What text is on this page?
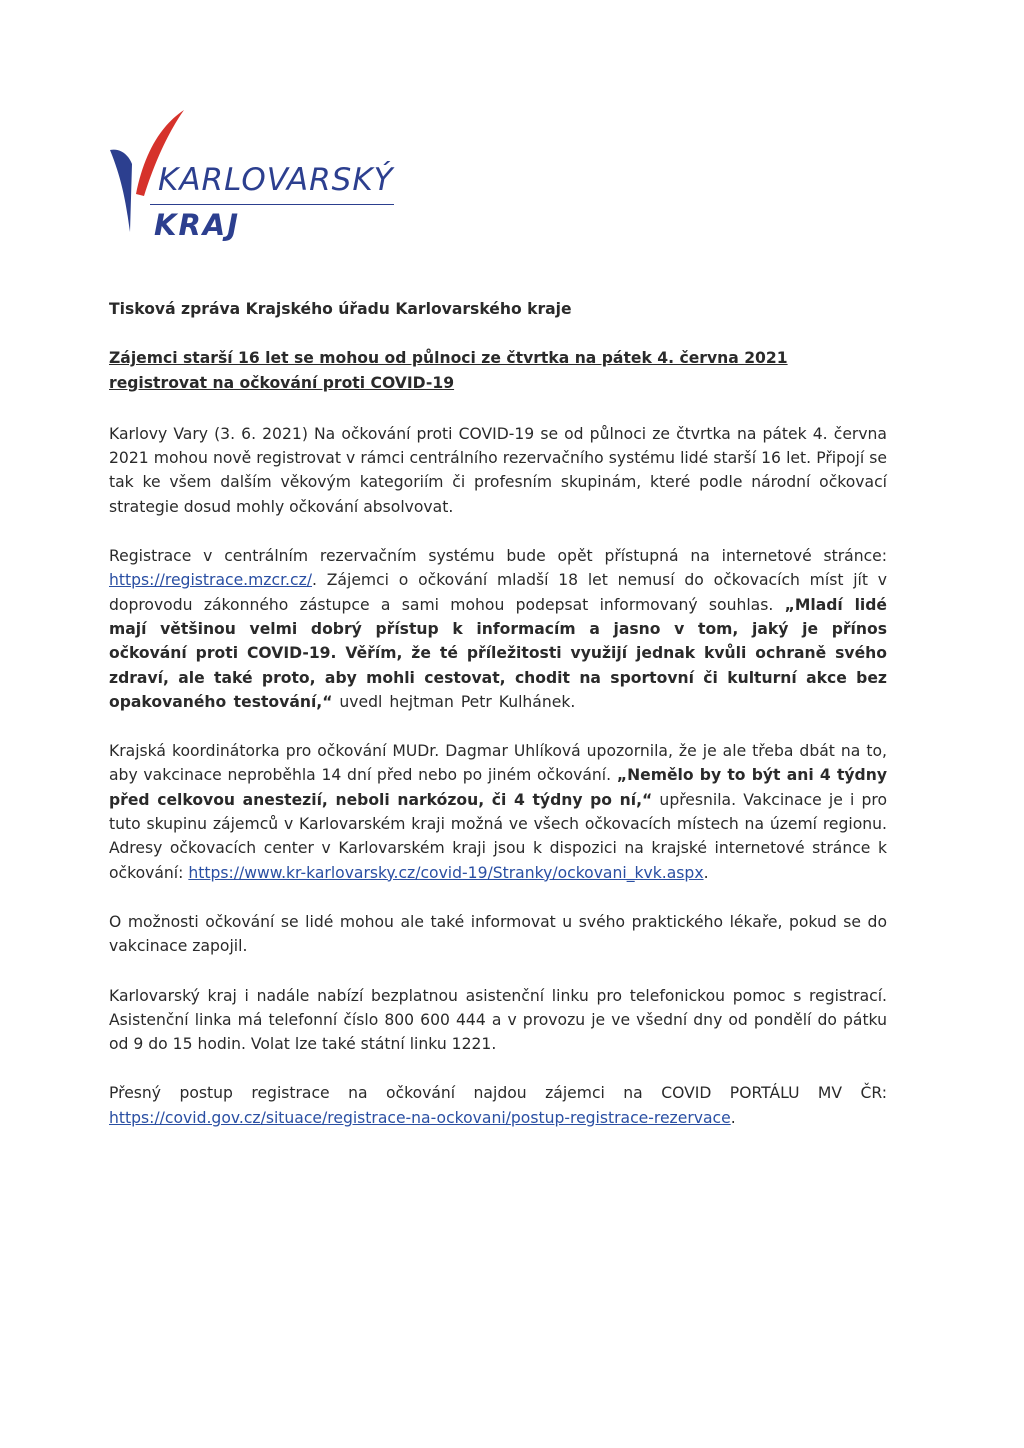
KARLOVARSKÝ
KRAJ
Tisková zpráva Krajského úřadu Karlovarského kraje
Zájemci starší 16 let se mohou od půlnoci ze čtvrtka na pátek 4. června 2021 registrovat na očkování proti COVID-19

Karlovy Vary (3. 6. 2021) Na očkování proti COVID-19 se od půlnoci ze čtvrtka na pátek 4. června 2021 mohou nově registrovat v rámci centrálního rezervačního systému lidé starší 16 let. Připojí se tak ke všem dalším věkovým kategoriím či profesním skupinám, které podle národní očkovací strategie dosud mohly očkování absolvovat.

Registrace v centrálním rezervačním systému bude opět přístupná na internetové stránce: https://registrace.mzcr.cz/. Zájemci o očkování mladší 18 let nemusí do očkovacích míst jít v doprovodu zákonného zástupce a sami mohou podepsat informovaný souhlas. „Mladí lidé mají většinou velmi dobrý přístup k informacím a jasno v tom, jaký je přínos očkování proti COVID-19. Věřím, že té příležitosti využijí jednak kvůli ochraně svého zdraví, ale také proto, aby mohli cestovat, chodit na sportovní či kulturní akce bez opakovaného testování,“ uvedl hejtman Petr Kulhánek.

Krajská koordinátorka pro očkování MUDr. Dagmar Uhlíková upozornila, že je ale třeba dbát na to, aby vakcinace neproběhla 14 dní před nebo po jiném očkování. „Nemělo by to být ani 4 týdny před celkovou anestezií, neboli narkózou, či 4 týdny po ní,“ upřesnila. Vakcinace je i pro tuto skupinu zájemců v Karlovarském kraji možná ve všech očkovacích místech na území regionu. Adresy očkovacích center v Karlovarském kraji jsou k dispozici na krajské internetové stránce k očkování: https://www.kr-karlovarsky.cz/covid-19/Stranky/ockovani_kvk.aspx.

O možnosti očkování se lidé mohou ale také informovat u svého praktického lékaře, pokud se do vakcinace zapojil.

Karlovarský kraj i nadále nabízí bezplatnou asistenční linku pro telefonickou pomoc s registrací. Asistenční linka má telefonní číslo 800 600 444 a v provozu je ve všední dny od pondělí do pátku od 9 do 15 hodin. Volat lze také státní linku 1221.

Přesný postup registrace na očkování najdou zájemci na COVID PORTÁLU MV ČR: https://covid.gov.cz/situace/registrace-na-ockovani/postup-registrace-rezervace.
